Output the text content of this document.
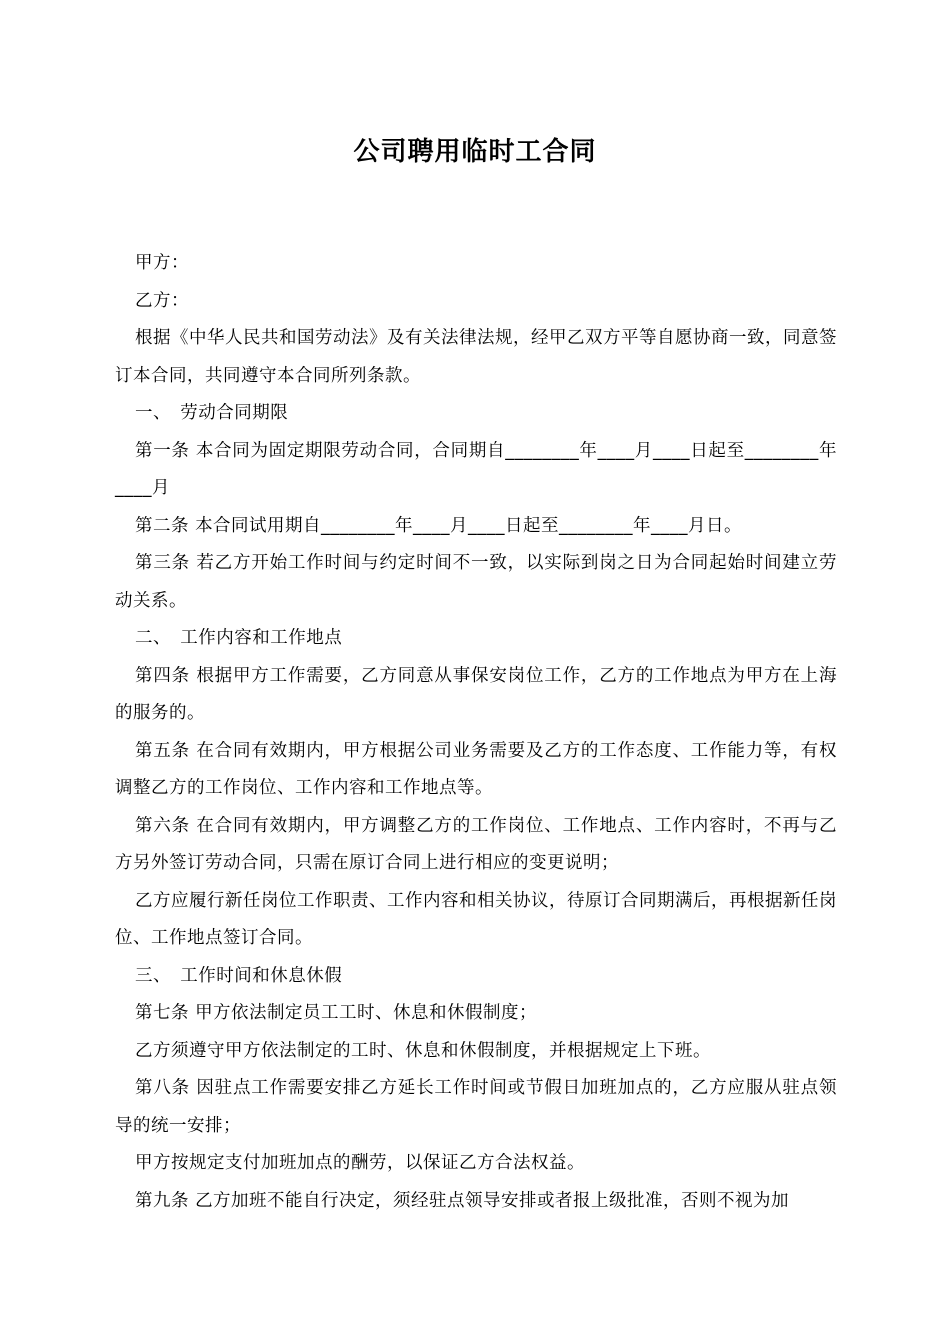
公司聘用临时工合同

甲方：

乙方：

根据《中华人民共和国劳动法》及有关法律法规，经甲乙双方平等自愿协商一致，同意签订本合同，共同遵守本合同所列条款。

一、　劳动合同期限

第一条 本合同为固定期限劳动合同，合同期自________年____月____日起至________年____月

第二条 本合同试用期自________年____月____日起至________年____月日。

第三条 若乙方开始工作时间与约定时间不一致，以实际到岗之日为合同起始时间建立劳动关系。

二、　工作内容和工作地点

第四条 根据甲方工作需要，乙方同意从事保安岗位工作，乙方的工作地点为甲方在上海的服务的。

第五条 在合同有效期内，甲方根据公司业务需要及乙方的工作态度、工作能力等，有权调整乙方的工作岗位、工作内容和工作地点等。

第六条 在合同有效期内，甲方调整乙方的工作岗位、工作地点、工作内容时，不再与乙方另外签订劳动合同，只需在原订合同上进行相应的变更说明；

乙方应履行新任岗位工作职责、工作内容和相关协议，待原订合同期满后，再根据新任岗位、工作地点签订合同。

三、　工作时间和休息休假

第七条 甲方依法制定员工工时、休息和休假制度；

乙方须遵守甲方依法制定的工时、休息和休假制度，并根据规定上下班。

第八条 因驻点工作需要安排乙方延长工作时间或节假日加班加点的，乙方应服从驻点领导的统一安排；

甲方按规定支付加班加点的酬劳，以保证乙方合法权益。

第九条 乙方加班不能自行决定，须经驻点领导安排或者报上级批准，否则不视为加
